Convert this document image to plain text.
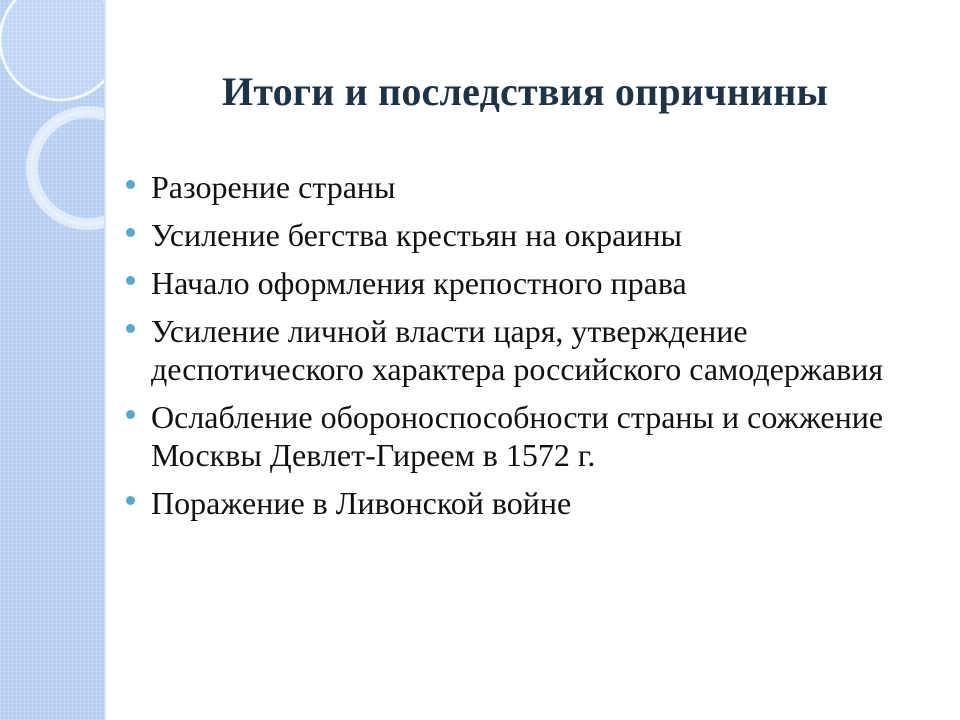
Итоги и последствия опричнины
Разорение страны
Усиление бегства крестьян на окраины
Начало оформления крепостного права
Усиление личной власти царя, утверждение деспотического характера российского самодержавия
Ослабление обороноспособности страны и сожжение Москвы Девлет-Гиреем в 1572 г.
Поражение в Ливонской войне
